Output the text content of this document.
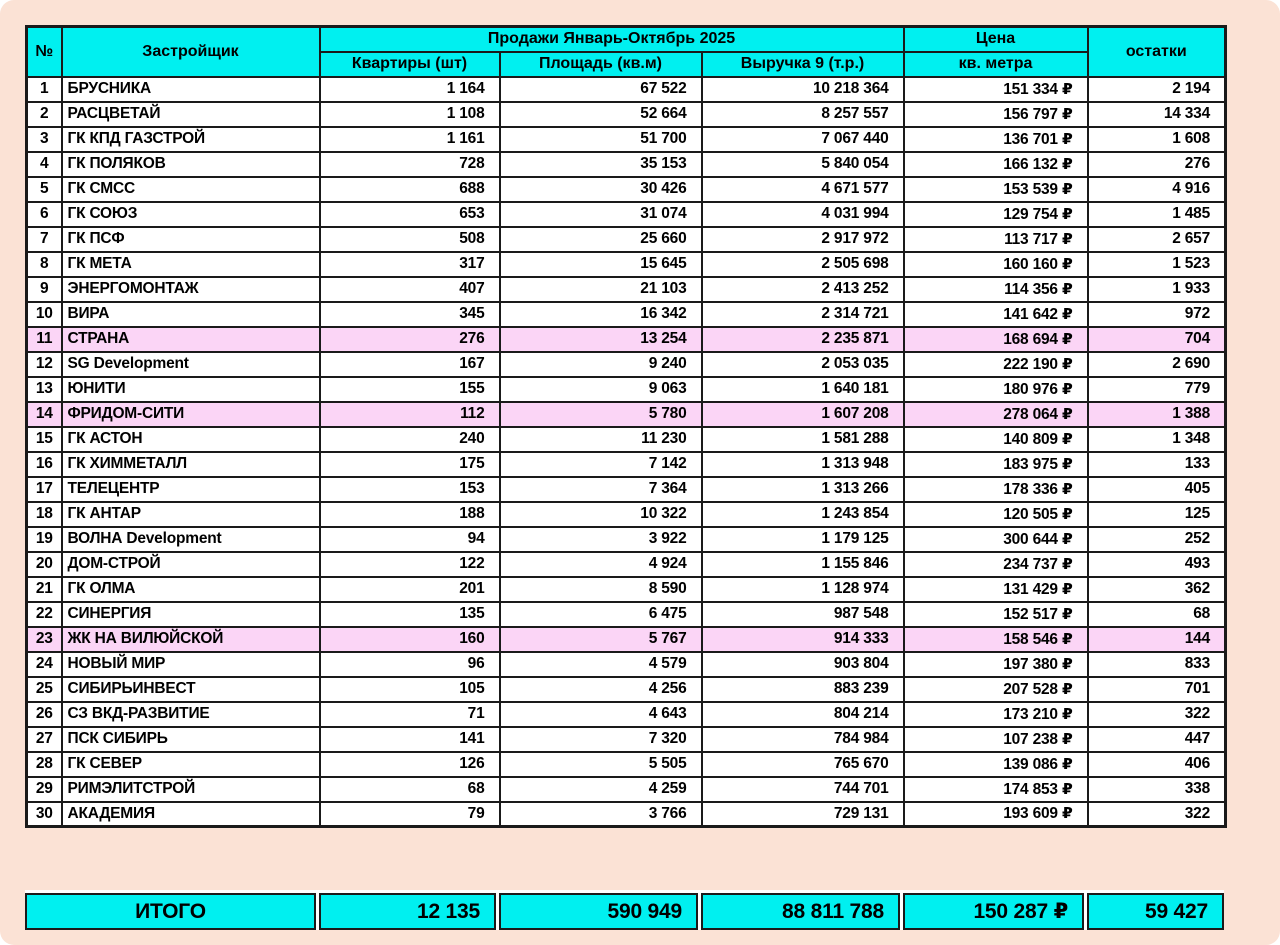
№	Застройщик	Продажи Январь-Октябрь 2025			Цена	остатки
		Квартиры (шт)	Площадь (кв.м)	Выручка 9 (т.р.)	кв. метра	
1	БРУСНИКА	1 164	67 522	10 218 364	151 334 ₽	2 194
2	РАСЦВЕТАЙ	1 108	52 664	8 257 557	156 797 ₽	14 334
3	ГК КПД ГАЗСТРОЙ	1 161	51 700	7 067 440	136 701 ₽	1 608
4	ГК ПОЛЯКОВ	728	35 153	5 840 054	166 132 ₽	276
5	ГК СМСС	688	30 426	4 671 577	153 539 ₽	4 916
6	ГК СОЮЗ	653	31 074	4 031 994	129 754 ₽	1 485
7	ГК ПСФ	508	25 660	2 917 972	113 717 ₽	2 657
8	ГК МЕТА	317	15 645	2 505 698	160 160 ₽	1 523
9	ЭНЕРГОМОНТАЖ	407	21 103	2 413 252	114 356 ₽	1 933
10	ВИРА	345	16 342	2 314 721	141 642 ₽	972
11	СТРАНА	276	13 254	2 235 871	168 694 ₽	704
12	SG Development	167	9 240	2 053 035	222 190 ₽	2 690
13	ЮНИТИ	155	9 063	1 640 181	180 976 ₽	779
14	ФРИДОМ-СИТИ	112	5 780	1 607 208	278 064 ₽	1 388
15	ГК АСТОН	240	11 230	1 581 288	140 809 ₽	1 348
16	ГК ХИММЕТАЛЛ	175	7 142	1 313 948	183 975 ₽	133
17	ТЕЛЕЦЕНТР	153	7 364	1 313 266	178 336 ₽	405
18	ГК АНТАР	188	10 322	1 243 854	120 505 ₽	125
19	ВОЛНА Development	94	3 922	1 179 125	300 644 ₽	252
20	ДОМ-СТРОЙ	122	4 924	1 155 846	234 737 ₽	493
21	ГК ОЛМА	201	8 590	1 128 974	131 429 ₽	362
22	СИНЕРГИЯ	135	6 475	987 548	152 517 ₽	68
23	ЖК НА ВИЛЮЙСКОЙ	160	5 767	914 333	158 546 ₽	144
24	НОВЫЙ МИР	96	4 579	903 804	197 380 ₽	833
25	СИБИРЬИНВЕСТ	105	4 256	883 239	207 528 ₽	701
26	СЗ ВКД-РАЗВИТИЕ	71	4 643	804 214	173 210 ₽	322
27	ПСК СИБИРЬ	141	7 320	784 984	107 238 ₽	447
28	ГК СЕВЕР	126	5 505	765 670	139 086 ₽	406
29	РИМЭЛИТСТРОЙ	68	4 259	744 701	174 853 ₽	338
30	АКАДЕМИЯ	79	3 766	729 131	193 609 ₽	322
ИТОГО	12 135	590 949	88 811 788	150 287 ₽	59 427
